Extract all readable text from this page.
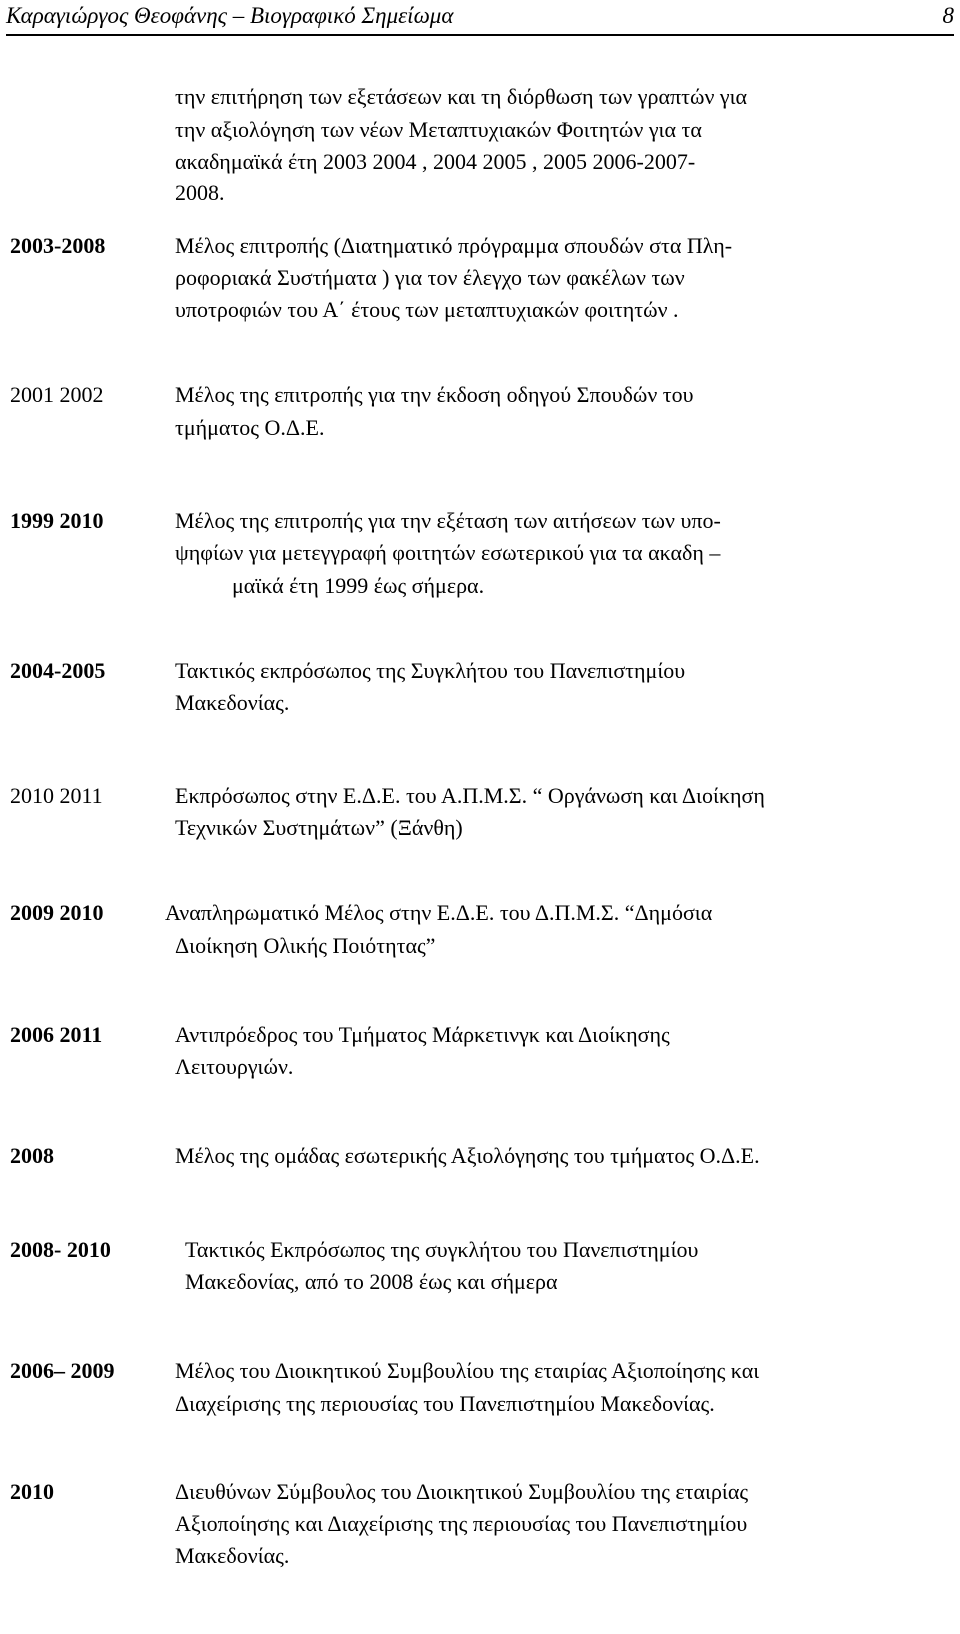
Καραγιώργος Θεοφάνης – Βιογραφικό Σημείωμα	8
την επιτήρηση των εξετάσεων και τη διόρθωση των γραπτών για
την αξιολόγηση των νέων Μεταπτυχιακών Φοιτητών για τα
ακαδημαϊκά έτη 2003 2004 , 2004 2005 , 2005 2006-2007-
2008.
2003-2008	Μέλος επιτροπής (Διατηματικό πρόγραμμα σπουδών στα Πλη-
ροφοριακά Συστήματα ) για τον έλεγχο των φακέλων των
υποτροφιών του Α΄ έτους των μεταπτυχιακών φοιτητών .
2001 2002	Μέλος της επιτροπής για την έκδοση οδηγού Σπουδών του
τμήματος Ο.Δ.Ε.
1999 2010	Μέλος της επιτροπής για την εξέταση των αιτήσεων των υπο-
ψηφίων για μετεγγραφή φοιτητών εσωτερικού για τα ακαδη –
μαϊκά έτη 1999 έως σήμερα.
2004-2005	Τακτικός εκπρόσωπος της Συγκλήτου του Πανεπιστημίου
Μακεδονίας.
2010 2011	Εκπρόσωπος στην Ε.Δ.Ε. του Α.Π.Μ.Σ. “ Οργάνωση και Διοίκηση
Τεχνικών Συστημάτων” (Ξάνθη)
2009 2010	Αναπληρωματικό Μέλος στην Ε.Δ.Ε. του Δ.Π.Μ.Σ. “Δημόσια
Διοίκηση Ολικής Ποιότητας”
2006 2011	Αντιπρόεδρος του Τμήματος Μάρκετινγκ και Διοίκησης
Λειτουργιών.
2008	Μέλος της ομάδας εσωτερικής Αξιολόγησης του τμήματος Ο.Δ.Ε.
2008- 2010	Τακτικός Εκπρόσωπος της συγκλήτου του Πανεπιστημίου
Μακεδονίας, από το 2008 έως και σήμερα
2006– 2009	Μέλος του Διοικητικού Συμβουλίου της εταιρίας Αξιοποίησης και
Διαχείρισης της περιουσίας του Πανεπιστημίου Μακεδονίας.
2010	Διευθύνων Σύμβουλος του Διοικητικού Συμβουλίου της εταιρίας
Αξιοποίησης και Διαχείρισης της περιουσίας του Πανεπιστημίου
Μακεδονίας.
